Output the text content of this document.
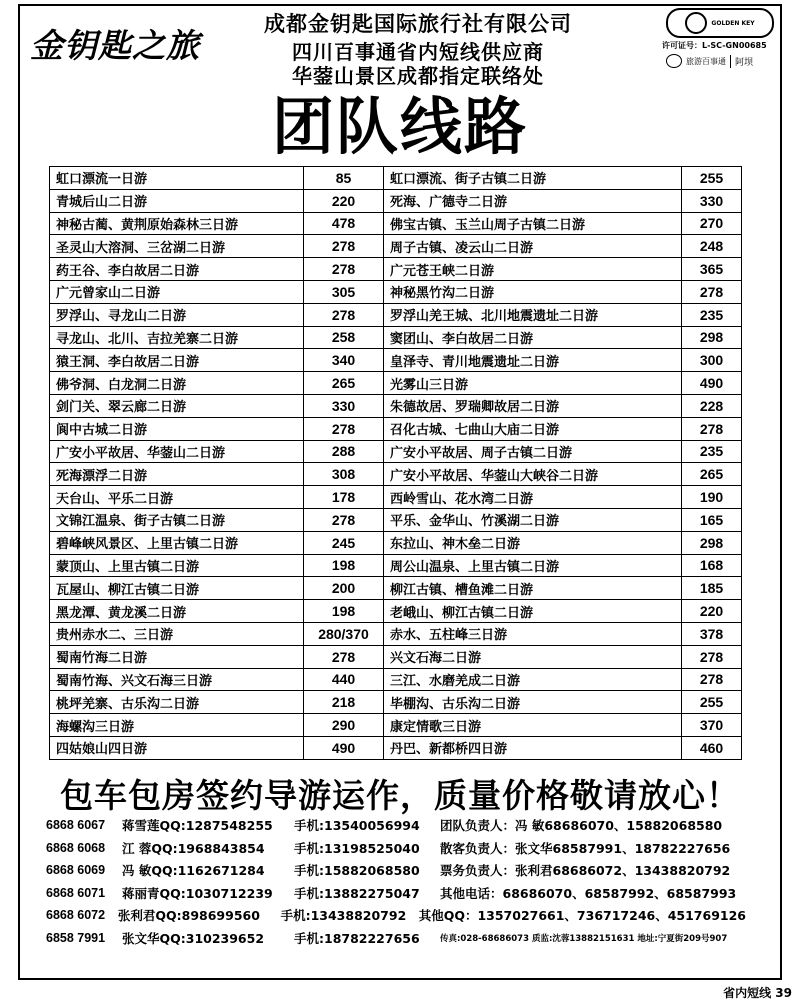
金钥匙之旅
成都金钥匙国际旅行社有限公司
四川百事通省内短线供应商
华蓥山景区成都指定联络处
GOLDEN KEY
许可证号：L-SC-GN00685
旅游百事通	阿坝
团队线路
虹口漂流一日游	85	虹口漂流、街子古镇二日游	255
青城后山二日游	220	死海、广德寺二日游	330
神秘古蔺、黄荆原始森林三日游	478	佛宝古镇、玉兰山周子古镇二日游	270
圣灵山大溶洞、三岔湖二日游	278	周子古镇、凌云山二日游	248
药王谷、李白故居二日游	278	广元苍王峡二日游	365
广元曾家山二日游	305	神秘黑竹沟二日游	278
罗浮山、寻龙山二日游	278	罗浮山羌王城、北川地震遗址二日游	235
寻龙山、北川、吉拉羌寨二日游	258	窦团山、李白故居二日游	298
猿王洞、李白故居二日游	340	皇泽寺、青川地震遗址二日游	300
佛爷洞、白龙洞二日游	265	光雾山三日游	490
剑门关、翠云廊二日游	330	朱德故居、罗瑞卿故居二日游	228
阆中古城二日游	278	召化古城、七曲山大庙二日游	278
广安小平故居、华蓥山二日游	288	广安小平故居、周子古镇二日游	235
死海漂浮二日游	308	广安小平故居、华蓥山大峡谷二日游	265
天台山、平乐二日游	178	西岭雪山、花水湾二日游	190
文锦江温泉、街子古镇二日游	278	平乐、金华山、竹溪湖二日游	165
碧峰峡风景区、上里古镇二日游	245	东拉山、神木垒二日游	298
蒙顶山、上里古镇二日游	198	周公山温泉、上里古镇二日游	168
瓦屋山、柳江古镇二日游	200	柳江古镇、槽鱼滩二日游	185
黑龙潭、黄龙溪二日游	198	老峨山、柳江古镇二日游	220
贵州赤水二、三日游	280/370	赤水、五柱峰三日游	378
蜀南竹海二日游	278	兴文石海二日游	278
蜀南竹海、兴文石海三日游	440	三江、水磨羌成二日游	278
桃坪羌寨、古乐沟二日游	218	毕棚沟、古乐沟二日游	255
海螺沟三日游	290	康定情歌三日游	370
四姑娘山四日游	490	丹巴、新都桥四日游	460
包车包房签约导游运作，质量价格敬请放心！
6868 6067	蒋雪莲QQ:1287548255	手机:13540056994	团队负责人：冯 敏68686070、15882068580
6868 6068	江 蓉QQ:1968843854	手机:13198525040	散客负责人：张文华68587991、18782227656
6868 6069	冯 敏QQ:1162671284	手机:15882068580	票务负责人：张利君68686072、13438820792
6868 6071	蒋丽青QQ:1030712239	手机:13882275047	其他电话：68686070、68587992、68587993
6868 6072	张利君QQ:898699560	手机:13438820792 其他QQ：1357027661、736717246、451769126
6858 7991	张文华QQ:310239652	手机:18782227656	传真:028-68686073 质监:沈蓉13882151631 地址:宁夏街209号907
省内短线 39
